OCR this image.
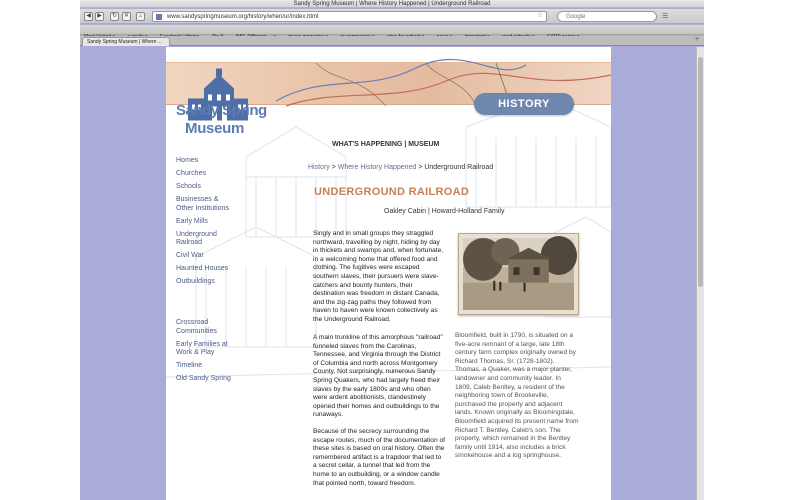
Sandy Spring Museum | Where History Happened | Underground Railroad
◀	▶	↻	✕	⌂	www.sandyspringmuseum.org/history/when/ur/index.html	☆	Google	☰

Sandy Spring Museum | Where ...	+
Sandy Spring
Museum
HISTORY
WHAT'S HAPPENING | MUSEUM
History > Where History Happened > Underground Railroad
Homes
Churches
Schools
Businesses & Other Institutions
Early Mills
Underground Railroad
Civil War
Haunted Houses
Outbuildings
Crossroad Communities
Early Families at Work & Play
Timeline
Old Sandy Spring
UNDERGROUND RAILROAD
Oakley Cabin | Howard-Holland Family
Singly and in small groups they straggled northward, travelling by night, hiding by day in thickets and swamps and, when fortunate, in a welcoming home that offered food and clothing. The fugitives were escaped southern slaves, their pursuers were slave-catchers and bounty hunters, their destination was freedom in distant Canada, and the zig-zag paths they followed from haven to haven were known collectively as the Underground Railroad.
A main trunkline of this amorphous "railroad" funneled slaves from the Carolinas, Tennessee, and Virginia through the District of Columbia and north across Montgomery County. Not surprisingly, numerous Sandy Spring Quakers, who had largely freed their slaves by the early 1800s and who often were ardent abolitionists, clandestinely opened their homes and outbuildings to the runaways.
Because of the secrecy surrounding the escape routes, much of the documentation of these sites is based on oral history. Often the remembered artifact is a trapdoor that led to a secret cellar, a tunnel that led from the home to an outbuilding, or a window candle that pointed north, toward freedom.
Bloomfield, built in 1790, is situated on a five-acre remnant of a large, late 18th century farm complex originally owned by Richard Thomas, Sr. (1728-1802). Thomas, a Quaker, was a major planter, landowner and community leader. In 1809, Caleb Bentley, a resident of the neighboring town of Brookeville, purchased the property and adjacent lands. Known originally as Bloomingdale, Bloomfield acquired its present name from Richard T. Bentley, Caleb's son. The property, which remained in the Bentley family until 1914, also includes a brick smokehouse and a log springhouse.
